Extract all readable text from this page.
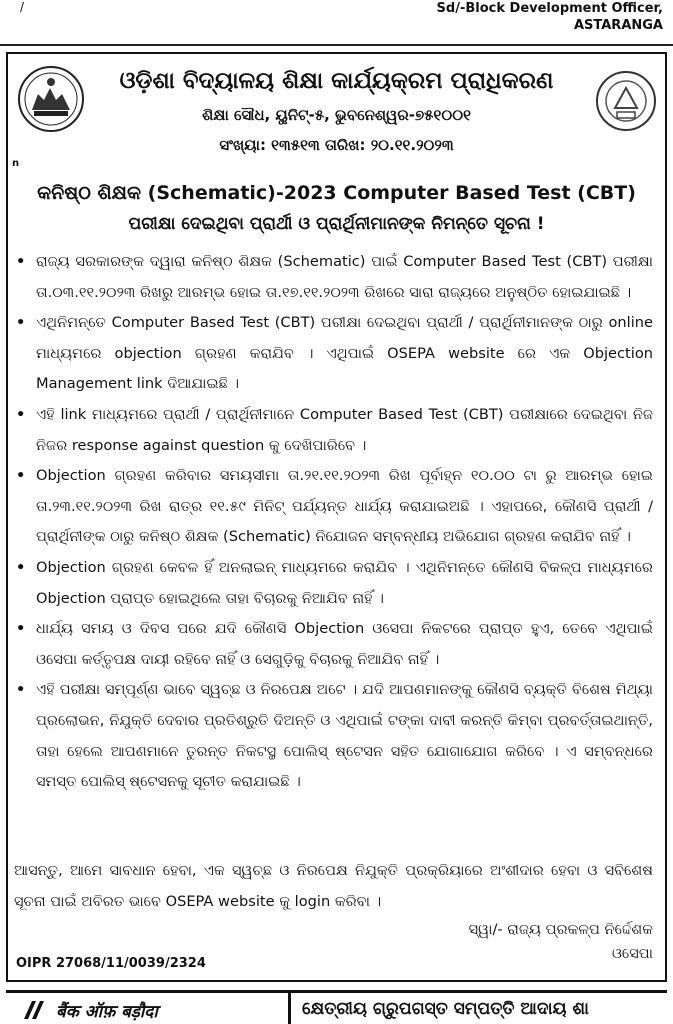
/	Sd/-Block Development Officer,
ASTARANGA
ଓଡ଼ିଶା ବିଦ୍ୟାଳୟ ଶିକ୍ଷା କାର୍ଯ୍ୟକ୍ରମ ପ୍ରାଧିକରଣ
ଶିକ୍ଷା ସୌଧ, ୟୁନିଟ୍‌-୫, ଭୁବନେଶ୍ୱର-୭୫୧୦୦୧
ସଂଖ୍ୟା: ୧୩୫୧୩ ତାରିଖ: ୨୦.୧୧.୨୦୨୩
n
କନିଷ୍ଠ ଶିକ୍ଷକ (Schematic)-2023 Computer Based Test (CBT)
ପରୀକ୍ଷା ଦେଇଥିବା ପ୍ରାର୍ଥୀ ଓ ପ୍ରାର୍ଥିନୀମାନଙ୍କ ନିମନ୍ତେ ସୂଚନା !
• ରାଜ୍ୟ ସରକାରଙ୍କ ଦ୍ୱାରା କନିଷ୍ଠ ଶିକ୍ଷକ (Schematic) ପାଇଁ Computer Based Test (CBT) ପରୀକ୍ଷା ତା.୦୩.୧୧.୨୦୨୩ ରିଖରୁ ଆରମ୍ଭ ହୋଇ ତା.୧୭.୧୧.୨୦୨୩ ରିଖରେ ସାରା ରାଜ୍ୟରେ ଅନୁଷ୍ଠିତ ହୋଇଯାଇଛି ।
• ଏଥିନିମନ୍ତେ Computer Based Test (CBT) ପରୀକ୍ଷା ଦେଇଥିବା ପ୍ରାର୍ଥୀ / ପ୍ରାର୍ଥିନୀମାନଙ୍କ ଠାରୁ online ମାଧ୍ୟମରେ objection ଗ୍ରହଣ କରାଯିବ । ଏଥିପାଇଁ OSEPA website ରେ ଏକ Objection Management link ଦିଆଯାଇଛି ।
• ଏହି link ମାଧ୍ୟମରେ ପ୍ରାର୍ଥୀ / ପ୍ରାର୍ଥିନୀମାନେ Computer Based Test (CBT) ପରୀକ୍ଷାରେ ଦେଇଥିବା ନିଜ ନିଜର response against question କୁ ଦେଖିପାରିବେ ।
• Objection ଗ୍ରହଣ କରିବାର ସମୟସୀମା ତା.୨୧.୧୧.୨୦୨୩ ରିଖ ପୂର୍ବାହ୍ନ ୧୦.୦୦ ଟା ରୁ ଆରମ୍ଭ ହୋଇ ତା.୨୩.୧୧.୨୦୨୩ ରିଖ ରାତ୍ର ୧୧.୫୯ ମିନିଟ୍ ପର୍ଯ୍ୟନ୍ତ ଧାର୍ଯ୍ୟ କରାଯାଇଅଛି । ଏହାପରେ, କୌଣସି ପ୍ରାର୍ଥୀ / ପ୍ରାର୍ଥିନୀଙ୍କ ଠାରୁ କନିଷ୍ଠ ଶିକ୍ଷକ (Schematic) ନିଯୋଜନ ସମ୍ବନ୍ଧୀୟ ଅଭିଯୋଗ ଗ୍ରହଣ କରାଯିବ ନାହିଁ ।
• Objection ଗ୍ରହଣ କେବଳ ହିଁ ଅନଲାଇନ୍ ମାଧ୍ୟମରେ କରାଯିବ । ଏଥିନିମନ୍ତେ କୌଣସି ବିକଳ୍ପ ମାଧ୍ୟମରେ Objection ପ୍ରାପ୍ତ ହୋଇଥିଲେ ତାହା ବିଚାରକୁ ନିଆଯିବ ନାହିଁ ।
• ଧାର୍ଯ୍ୟ ସମୟ ଓ ଦିବସ ପରେ ଯଦି କୌଣସି Objection ଓସେପା ନିକଟରେ ପ୍ରାପ୍ତ ହୁଏ, ତେବେ ଏଥିପାଇଁ ଓସେପା କର୍ତ୍ତୃପକ୍ଷ ଦାୟୀ ରହିବେ ନାହିଁ ଓ ସେଗୁଡ଼ିକୁ ବିଚାରକୁ ନିଆଯିବ ନାହିଁ ।
• ଏହି ପରୀକ୍ଷା ସମ୍ପୂର୍ଣ୍ଣ ଭାବେ ସ୍ୱଚ୍ଛ ଓ ନିରପେକ୍ଷ ଅଟେ । ଯଦି ଆପଣମାନଙ୍କୁ କୌଣସି ବ୍ୟକ୍ତି ବିଶେଷ ମିଥ୍ୟା ପ୍ରଲୋଭନ, ନିଯୁକ୍ତି ଦେବାର ପ୍ରତିଶ୍ରୁତି ଦିଅନ୍ତି ଓ ଏଥିପାଇଁ ଟଙ୍କା ଦାବୀ କରନ୍ତି କିମ୍ବା ପ୍ରବର୍ତ୍ତାଇଥାନ୍ତି, ତାହା ହେଲେ ଆପଣମାନେ ତୁରନ୍ତ ନିକଟସ୍ଥ ପୋଲିସ୍ ଷ୍ଟେସନ ସହିତ ଯୋଗାଯୋଗ କରିବେ । ଏ ସମ୍ବନ୍ଧରେ ସମସ୍ତ ପୋଲିସ୍ ଷ୍ଟେସନକୁ ସୂଚୀତ କରାଯାଇଛି ।
ଆସନ୍ତୁ, ଆମେ ସାବଧାନ ହେବା, ଏକ ସ୍ୱଚ୍ଛ ଓ ନିରପେକ୍ଷ ନିଯୁକ୍ତି ପ୍ରକ୍ରିୟାରେ ଅଂଶୀଦାର ହେବା ଓ ସବିଶେଷ ସୂଚନା ପାଇଁ ଅବିରତ ଭାବେ OSEPA website କୁ login କରିବା ।
ସ୍ୱା/- ରାଜ୍ୟ ପ୍ରକଳ୍ପ ନିର୍ଦ୍ଦେଶକ
ଓସେପା
OIPR 27068/11/0039/2324
बैंक ऑफ़ बड़ौदा	କ୍ଷେତ୍ରୀୟ ଗ୍ରୁପଗସ୍ତ ସମ୍ପତ୍ତି ଆଦାୟ ଶା
